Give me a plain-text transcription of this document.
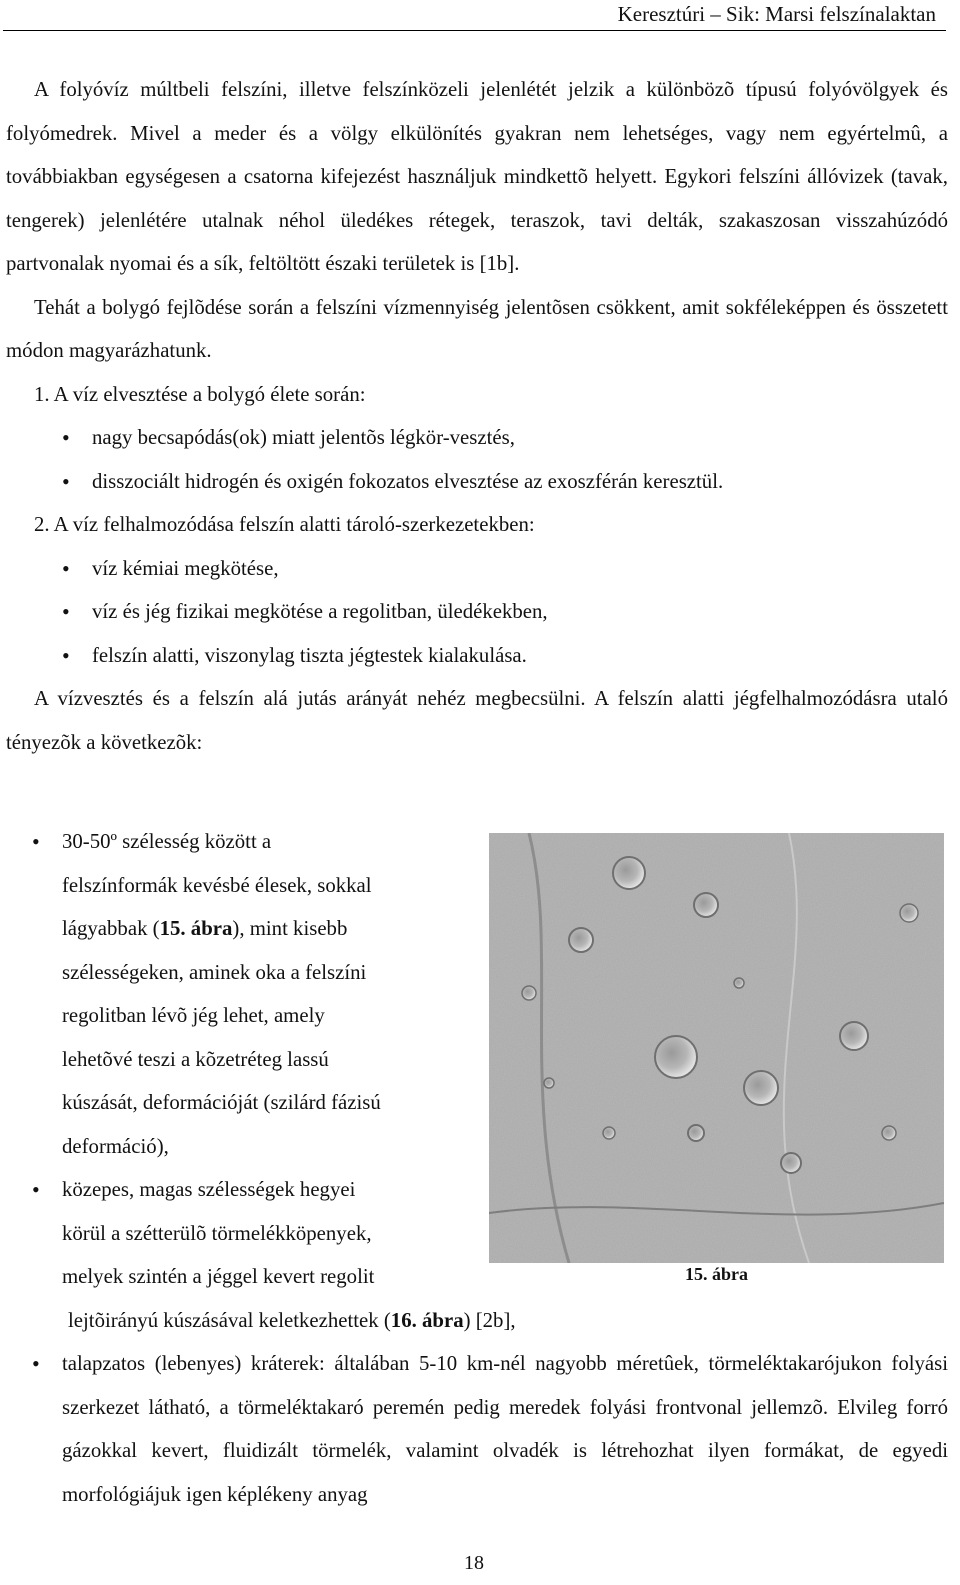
Keresztúri – Sik: Marsi felszínalaktan
A folyóvíz múltbeli felszíni, illetve felszínközeli jelenlétét jelzik a különbözõ típusú folyóvölgyek és folyómedrek. Mivel a meder és a völgy elkülönítés gyakran nem lehetséges, vagy nem egyértelmû, a továbbiakban egységesen a csatorna kifejezést használjuk mindkettõ helyett. Egykori felszíni állóvizek (tavak, tengerek) jelenlétére utalnak néhol üledékes rétegek, teraszok, tavi delták, szakaszosan visszahúzódó partvonalak nyomai és a sík, feltöltött északi területek is [1b].
Tehát a bolygó fejlõdése során a felszíni vízmennyiség jelentõsen csökkent, amit sokféleképpen és összetett módon magyarázhatunk.
1. A víz elvesztése a bolygó élete során:
• nagy becsapódás(ok) miatt jelentõs légkör-vesztés,
• disszociált hidrogén és oxigén fokozatos elvesztése az exoszférán keresztül.
2. A víz felhalmozódása felszín alatti tároló-szerkezetekben:
• víz kémiai megkötése,
• víz és jég fizikai megkötése a regolitban, üledékekben,
• felszín alatti, viszonylag tiszta jégtestek kialakulása.
A vízvesztés és a felszín alá jutás arányát nehéz megbecsülni. A felszín alatti jégfelhalmozódásra utaló tényezõk a következõk:
• 30-50º szélesség között a
felszínformák kevésbé élesek, sokkal
lágyabbak (15. ábra), mint kisebb
szélességeken, aminek oka a felszíni
regolitban lévõ jég lehet, amely
lehetõvé teszi a kõzetréteg lassú
kúszását, deformációját (szilárd fázisú
deformáció),
• közepes, magas szélességek hegyei
körül a szétterülõ törmelékköpenyek,
melyek szintén a jéggel kevert regolit
lejtõirányú kúszásával keletkezhettek (16. ábra) [2b],
• talapzatos (lebenyes) kráterek: általában 5-10 km-nél nagyobb méretûek, törmeléktakarójukon folyási szerkezet látható, a törmeléktakaró peremén pedig meredek folyási frontvonal jellemzõ. Elvileg forró gázokkal kevert, fluidizált törmelék, valamint olvadék is létrehozhat ilyen formákat, de egyedi morfológiájuk igen képlékeny anyag
15. ábra
18
